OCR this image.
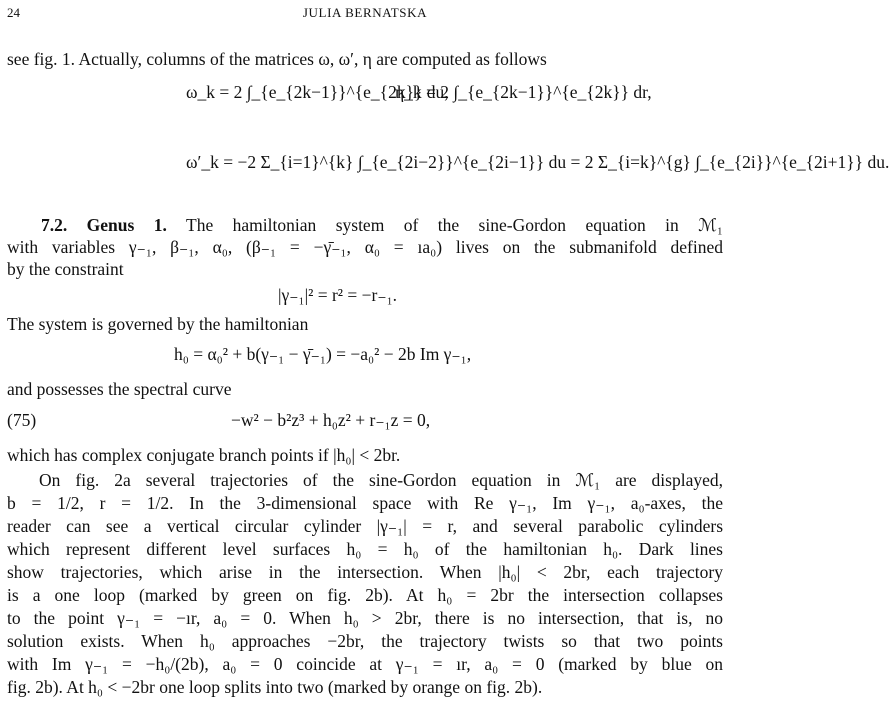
24	JULIA BERNATSKA
see fig. 1. Actually, columns of the matrices ω, ω′, η are computed as follows
ω_k = 2 ∫_{e_{2k−1}}^{e_{2k}} du,
η_k = 2 ∫_{e_{2k−1}}^{e_{2k}} dr,
ω′_k = −2 Σ_{i=1}^{k} ∫_{e_{2i−2}}^{e_{2i−1}} du = 2 Σ_{i=k}^{g} ∫_{e_{2i}}^{e_{2i+1}} du.
7.2. Genus 1. The hamiltonian system of the sine-Gordon equation in ℳ₁
with variables γ₋₁, β₋₁, α₀, (β₋₁ = −γ̄₋₁, α₀ = ıa₀) lives on the submanifold defined
by the constraint
|γ₋₁|² = r² = −r₋₁.
The system is governed by the hamiltonian
h₀ = α₀² + b(γ₋₁ − γ̄₋₁) = −a₀² − 2b Im γ₋₁,
and possesses the spectral curve
(75)	−w² − b²z³ + h₀z² + r₋₁z = 0,
which has complex conjugate branch points if |h₀| < 2br.
On fig. 2a several trajectories of the sine-Gordon equation in ℳ₁ are displayed,
b = 1/2, r = 1/2. In the 3-dimensional space with Re γ₋₁, Im γ₋₁, a₀-axes, the
reader can see a vertical circular cylinder |γ₋₁| = r, and several parabolic cylinders
which represent different level surfaces h₀ = h₀ of the hamiltonian h₀. Dark lines
show trajectories, which arise in the intersection. When |h₀| < 2br, each trajectory
is a one loop (marked by green on fig. 2b). At h₀ = 2br the intersection collapses
to the point γ₋₁ = −ır, a₀ = 0. When h₀ > 2br, there is no intersection, that is, no
solution exists. When h₀ approaches −2br, the trajectory twists so that two points
with Im γ₋₁ = −h₀/(2b), a₀ = 0 coincide at γ₋₁ = ır, a₀ = 0 (marked by blue on
fig. 2b). At h₀ < −2br one loop splits into two (marked by orange on fig. 2b).
